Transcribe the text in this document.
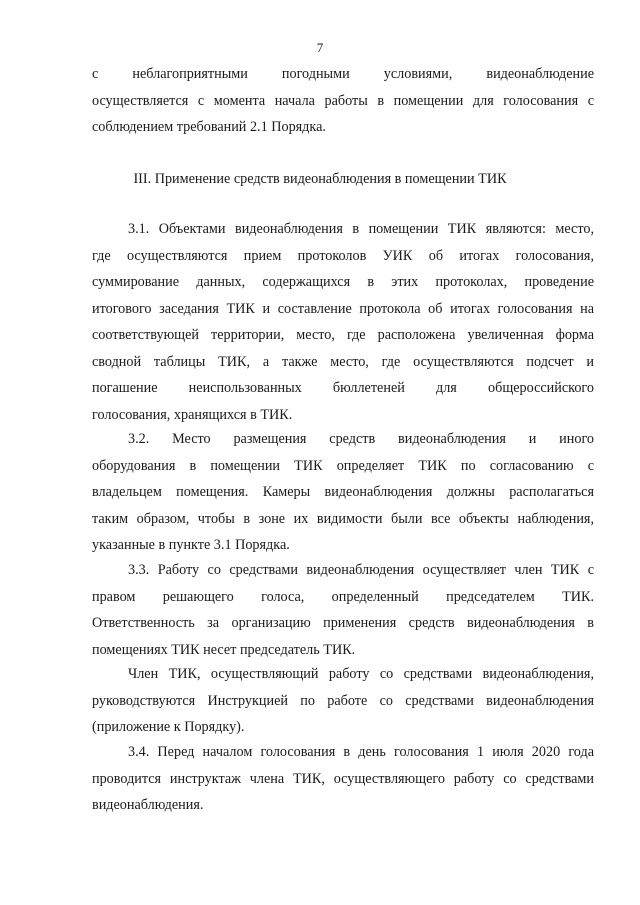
7
с неблагоприятными погодными условиями, видеонаблюдение
осуществляется с момента начала работы в помещении для голосования с
соблюдением требований 2.1 Порядка.
III. Применение средств видеонаблюдения в помещении ТИК
3.1. Объектами видеонаблюдения в помещении ТИК являются: место,
где осуществляются прием протоколов УИК об итогах голосования,
суммирование данных, содержащихся в этих протоколах, проведение
итогового заседания ТИК и составление протокола об итогах голосования на
соответствующей территории, место, где расположена увеличенная форма
сводной таблицы ТИК, а также место, где осуществляются подсчет и
погашение неиспользованных бюллетеней для общероссийского
голосования, хранящихся в ТИК.
3.2. Место размещения средств видеонаблюдения и иного
оборудования в помещении ТИК определяет ТИК по согласованию с
владельцем помещения. Камеры видеонаблюдения должны располагаться
таким образом, чтобы в зоне их видимости были все объекты наблюдения,
указанные в пункте 3.1 Порядка.
3.3. Работу со средствами видеонаблюдения осуществляет член ТИК с
правом решающего голоса, определенный председателем ТИК.
Ответственность за организацию применения средств видеонаблюдения в
помещениях ТИК несет председатель ТИК.
Член ТИК, осуществляющий работу со средствами видеонаблюдения,
руководствуются Инструкцией по работе со средствами видеонаблюдения
(приложение к Порядку).
3.4. Перед началом голосования в день голосования 1 июля 2020 года
проводится инструктаж члена ТИК, осуществляющего работу со средствами
видеонаблюдения.
